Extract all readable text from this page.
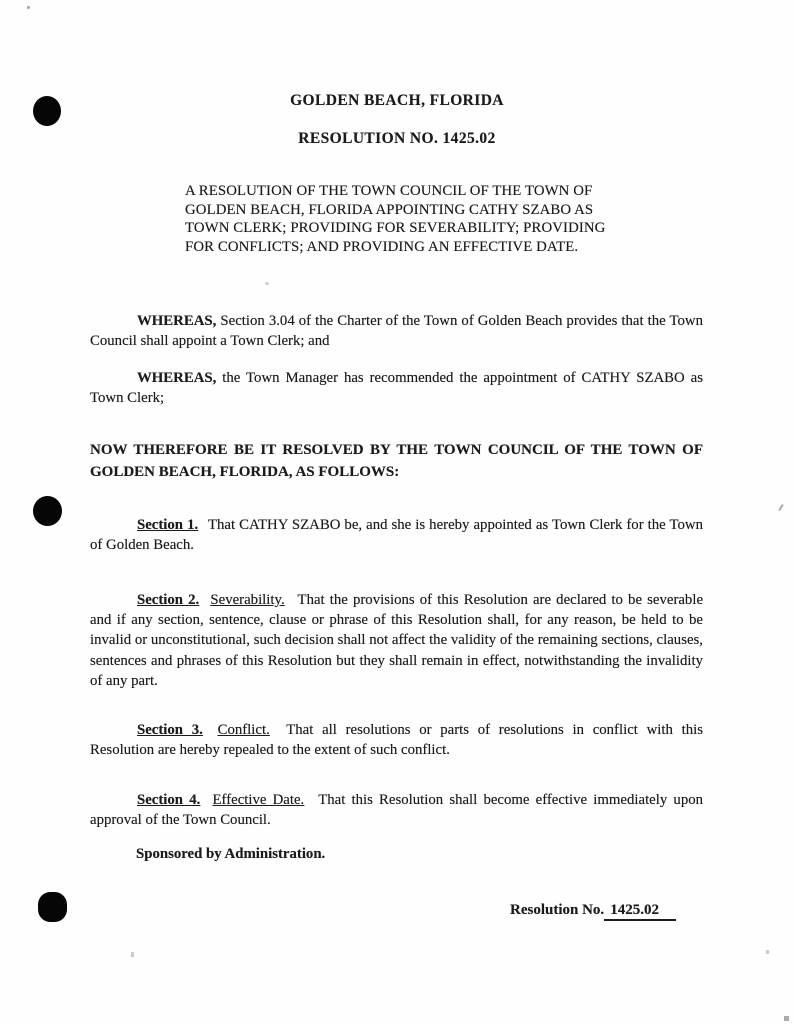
GOLDEN BEACH, FLORIDA
RESOLUTION NO. 1425.02
A RESOLUTION OF THE TOWN COUNCIL OF THE TOWN OF
GOLDEN BEACH, FLORIDA APPOINTING CATHY SZABO AS
TOWN CLERK; PROVIDING FOR SEVERABILITY; PROVIDING
FOR CONFLICTS; AND PROVIDING AN EFFECTIVE DATE.

WHEREAS, Section 3.04 of the Charter of the Town of Golden Beach provides that the Town Council shall appoint a Town Clerk; and

WHEREAS, the Town Manager has recommended the appointment of CATHY SZABO as Town Clerk;

NOW THEREFORE BE IT RESOLVED BY THE TOWN COUNCIL OF THE TOWN OF GOLDEN BEACH, FLORIDA, AS FOLLOWS:

Section 1. That CATHY SZABO be, and she is hereby appointed as Town Clerk for the Town of Golden Beach.

Section 2. Severability. That the provisions of this Resolution are declared to be severable and if any section, sentence, clause or phrase of this Resolution shall, for any reason, be held to be invalid or unconstitutional, such decision shall not affect the validity of the remaining sections, clauses, sentences and phrases of this Resolution but they shall remain in effect, notwithstanding the invalidity of any part.

Section 3. Conflict. That all resolutions or parts of resolutions in conflict with this Resolution are hereby repealed to the extent of such conflict.

Section 4. Effective Date. That this Resolution shall become effective immediately upon approval of the Town Council.

Sponsored by Administration.

Resolution No. 1425.02
